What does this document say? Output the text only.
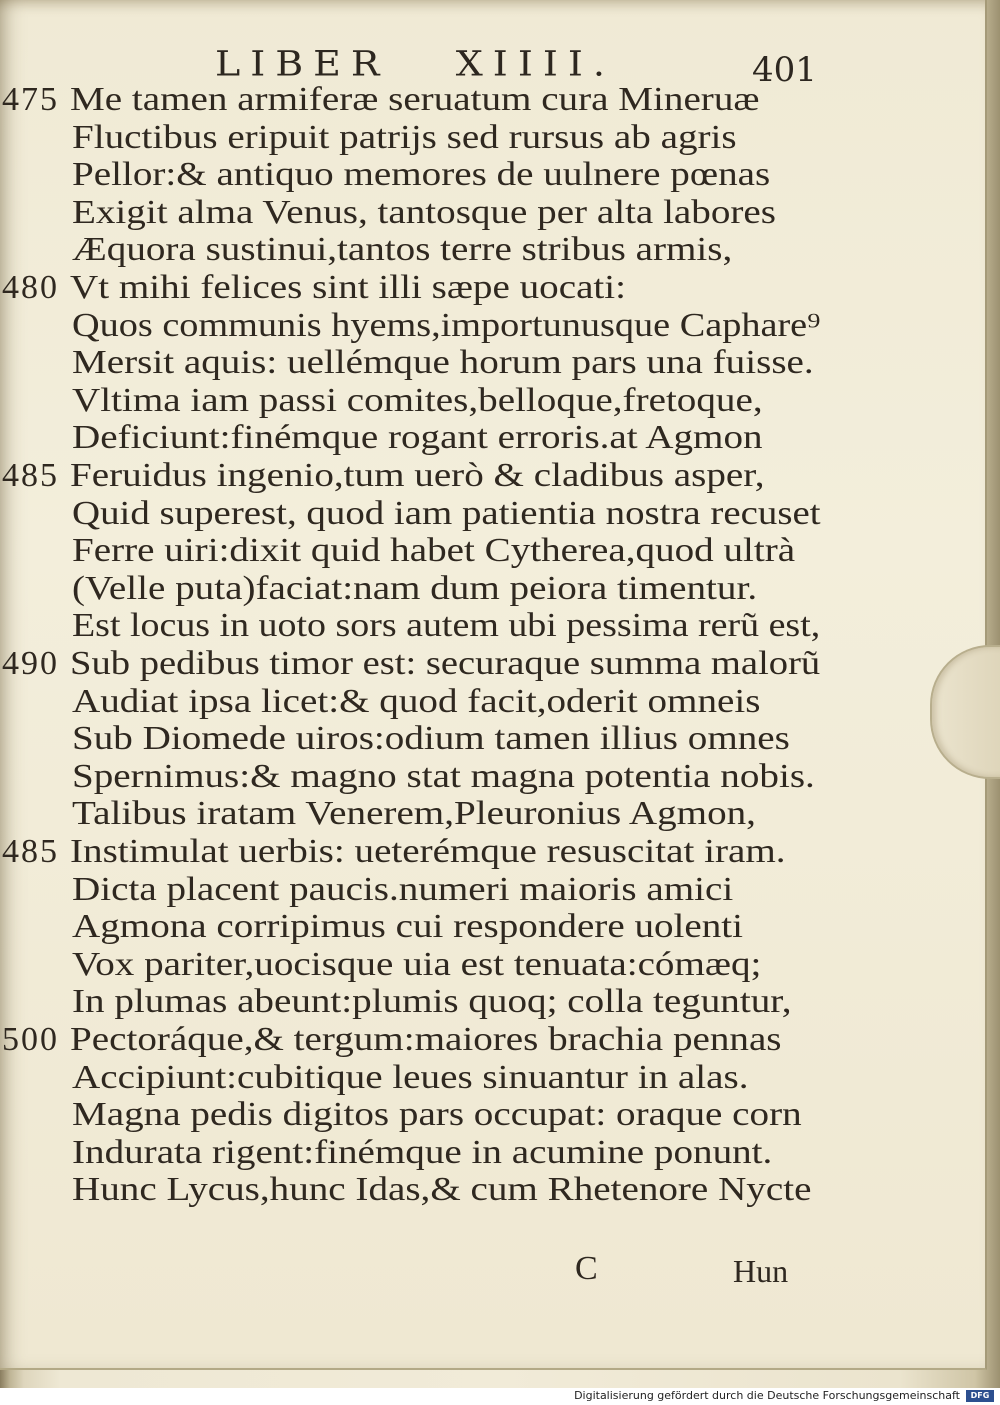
LIBER   XIIII.	401
475 Me tamen armiferæ seruatum cura Mineruæ
Fluctibus eripuit patrijs sed rursus ab agris
Pellor:& antiquo memores de uulnere pœnas
Exigit alma Venus, tantosque per alta labores
Æquora sustinui,tantos terre stribus armis,
480 Vt mihi felices sint illi sæpe uocati:
Quos communis hyems,importunusque Caphare⁹
Mersit aquis: uellémque horum pars una fuisse.
Vltima iam passi comites,belloque,fretoque,
Deficiunt:finémque rogant erroris.at Agmon
485 Feruidus ingenio,tum uerò & cladibus asper,
Quid superest, quod iam patientia nostra recuset
Ferre uiri:dixit quid habet Cytherea,quod ultrà
(Velle puta)faciat:nam dum peiora timentur.
Est locus in uoto sors autem ubi pessima rerũ est,
490 Sub pedibus timor est: securaque summa malorũ
Audiat ipsa licet:& quod facit,oderit omneis
Sub Diomede uiros:odium tamen illius omnes
Spernimus:& magno stat magna potentia nobis.
Talibus iratam Venerem,Pleuronius Agmon,
485 Instimulat uerbis: ueterémque resuscitat iram.
Dicta placent paucis.numeri maioris amici
Agmona corripimus cui respondere uolenti
Vox pariter,uocisque uia est tenuata:cómæq;
In plumas abeunt:plumis quoq; colla teguntur,
500 Pectoráque,& tergum:maiores brachia pennas
Accipiunt:cubitique leues sinuantur in alas.
Magna pedis digitos pars occupat: oraque corn
Indurata rigent:finémque in acumine ponunt.
Hunc Lycus,hunc Idas,& cum Rhetenore Nycte
C	Hun
Digitalisierung gefördert durch die Deutsche Forschungsgemeinschaft	DFG
